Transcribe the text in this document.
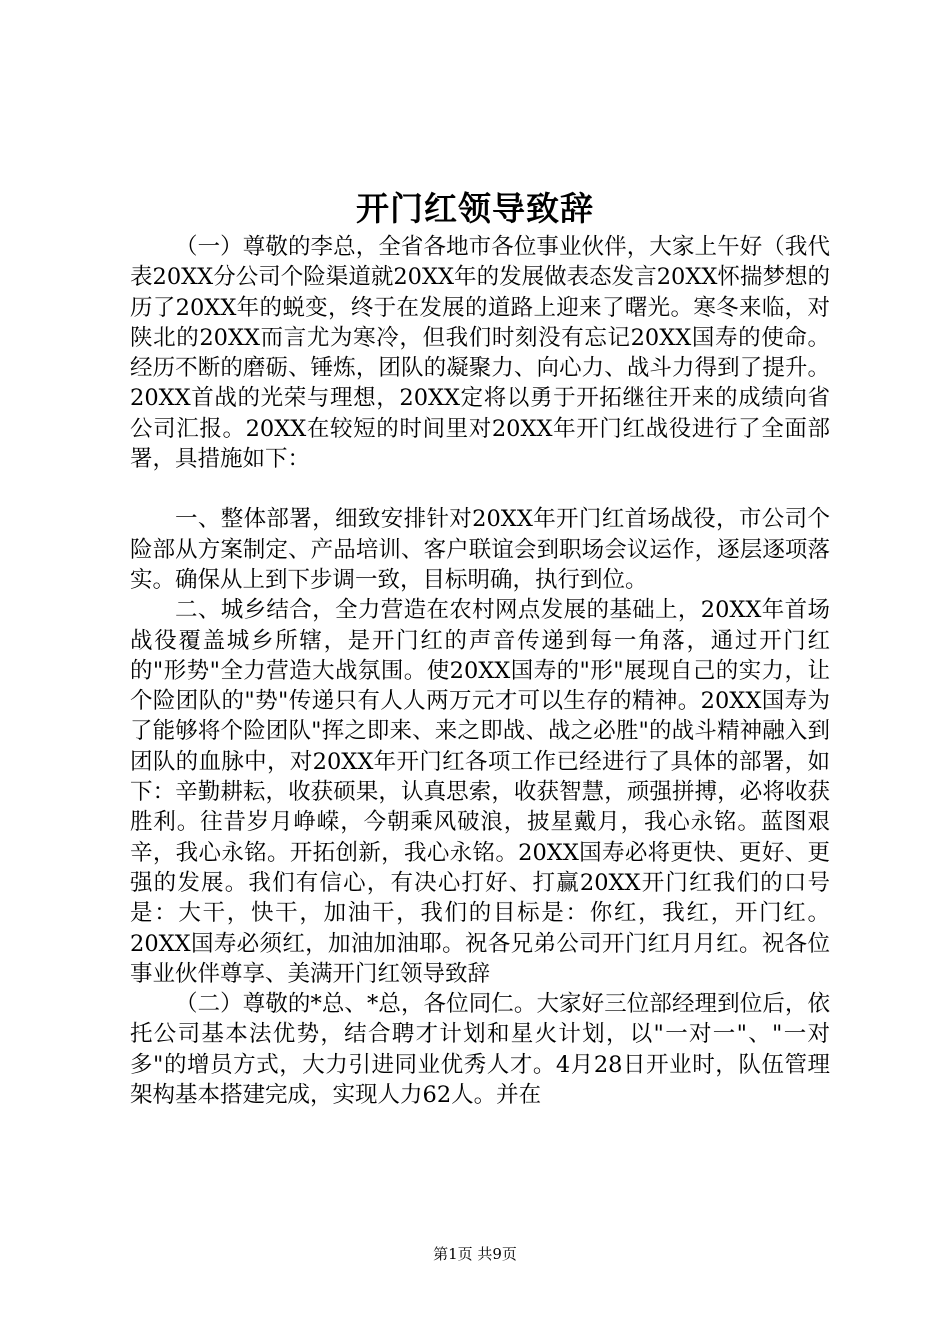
开门红领导致辞

（一）尊敬的李总，全省各地市各位事业伙伴，大家上午好（我代表20XX分公司个险渠道就20XX年的发展做表态发言20XX怀揣梦想的历了20XX年的蜕变，终于在发展的道路上迎来了曙光。寒冬来临，对陕北的20XX而言尤为寒冷，但我们时刻没有忘记20XX国寿的使命。经历不断的磨砺、锤炼，团队的凝聚力、向心力、战斗力得到了提升。20XX首战的光荣与理想，20XX定将以勇于开拓继往开来的成绩向省公司汇报。20XX在较短的时间里对20XX年开门红战役进行了全面部署，具措施如下：

一、整体部署，细致安排针对20XX年开门红首场战役，市公司个险部从方案制定、产品培训、客户联谊会到职场会议运作，逐层逐项落实。确保从上到下步调一致，目标明确，执行到位。

二、城乡结合，全力营造在农村网点发展的基础上，20XX年首场战役覆盖城乡所辖，是开门红的声音传递到每一角落，通过开门红的"形势"全力营造大战氛围。使20XX国寿的"形"展现自己的实力，让个险团队的"势"传递只有人人两万元才可以生存的精神。20XX国寿为了能够将个险团队"挥之即来、来之即战、战之必胜"的战斗精神融入到团队的血脉中，对20XX年开门红各项工作已经进行了具体的部署，如下：辛勤耕耘，收获硕果，认真思索，收获智慧，顽强拼搏，必将收获胜利。往昔岁月峥嵘，今朝乘风破浪，披星戴月，我心永铭。蓝图艰辛，我心永铭。开拓创新，我心永铭。20XX国寿必将更快、更好、更强的发展。我们有信心，有决心打好、打赢20XX开门红我们的口号是：大干，快干，加油干，我们的目标是：你红，我红，开门红。20XX国寿必须红，加油加油耶。祝各兄弟公司开门红月月红。祝各位事业伙伴尊享、美满开门红领导致辞

（二）尊敬的*总、*总，各位同仁。大家好三位部经理到位后，依托公司基本法优势，结合聘才计划和星火计划，以"一对一"、"一对多"的增员方式，大力引进同业优秀人才。4月28日开业时，队伍管理架构基本搭建完成，实现人力62人。并在

第1页 共9页
